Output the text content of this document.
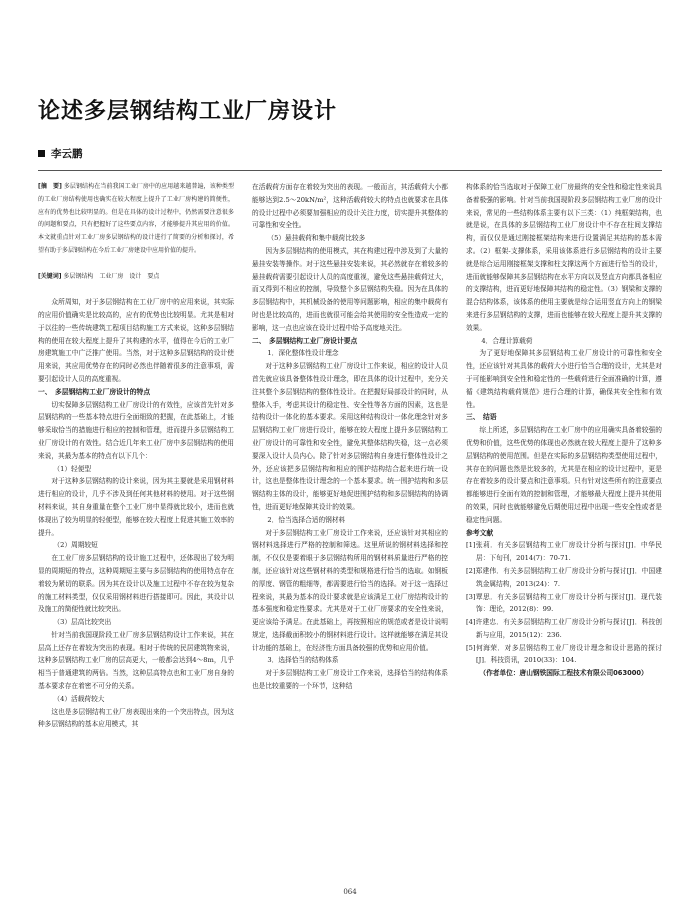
论述多层钢结构工业厂房设计
李云鹏

[摘　要] 多层钢结构在当前我国工业厂房中的应用越来越普遍，该种类型的工业厂房结构使用也确实在较大程度上提升了工业厂房构建的简便性，应有的优势也比较明显的。但是在具体的设计过程中，仍然需要注意很多的问题和要点，只有把握好了这些要点内容，才能够提升其应用的价值。本文就重点针对工业厂房多层钢结构的设计进行了简要的分析和探讨，希望有助于多层钢结构在今后工业厂房建设中应用价值的提升。

[关键词] 多层钢结构　工业厂房　设计　要点

众所周知，对于多层钢结构在工业厂房中的应用来说，其实际的应用价值确实是比较高的，应有的优势也比较明显。尤其是相对于以往的一些传统建筑工程项目结构施工方式来说，这种多层钢结构的使用在较大程度上提升了其构建的水平，值得在今后的工业厂房建筑施工中广泛推广使用。当然，对于这种多层钢结构的设计使用来说，其应用优势存在的同时必然也伴随着很多的注意事项，需要引起设计人员的高度重视。

一、　多层钢结构工业厂房设计的特点

切实保障多层钢结构工业厂房设计的有效性，应该首先针对多层钢结构的一些基本特点进行全面细致的把握，在此基础上，才能够采取恰当的措施进行相应的控制和管理，进而提升多层钢结构工业厂房设计的有效性。结合近几年来工业厂房中多层钢结构的使用来说，其最为基本的特点有以下几个：

（1）轻便型

对于这种多层钢结构的设计来说，因为其主要就是采用钢材料进行相应的设计，几乎不涉及到任何其他材料的使用。对于这些钢材料来说，其自身重量在整个工业厂房中显得就比较小，进而也就体现出了较为明显的轻便型，能够在较大程度上促进其施工效率的提升。

（2）周期较短

在工业厂房多层钢结构的设计施工过程中，还体现出了较为明显的周期短的特点，这种周期短主要与多层钢结构的使用特点存在着较为紧切的联系。因为其在设计以及施工过程中不存在较为复杂的施工材料类型，仅仅采用钢材料进行搭接即可。因此，其设计以及施工的简便性就比较突出。

（3）层高比较突出

针对当前我国现阶段工业厂房多层钢结构设计工作来说，其在层高上还存在着较为突出的表现。相对于传统的民居建筑物来说，这种多层钢结构工业厂房的层高更大，一般都会达到4～8m，几乎相当于普通建筑的两倍。当然，这种层高特点也和工业厂房自身的基本要求存在着密不可分的关系。

（4）活载荷较大

这也是多层钢结构工业厂房表现出来的一个突出特点，因为这种多层钢结构的基本应用模式，其

在活载荷方面存在着较为突出的表现。一般而言，其活载荷大小都能够达到2.5～20kN/m²，这种活载荷较大的特点也就要求在具体的设计过程中必须要加强相应的设计关注力度，切实提升其整体的可靠性和安全性。

（5）悬挂载荷和集中载荷比较多

因为多层钢结构的使用模式，其在构建过程中涉及到了大量的悬挂安装等操作。对于这些悬挂安装来说，其必然就存在着较多的悬挂载荷需要引起设计人员的高度重视，避免这些悬挂载荷过大，而又得到不相应的控制，导致整个多层钢结构失稳。因为在具体的多层钢结构中，其机械设备的使用等问题影响，相应的集中载荷有时也是比较高的，进而也就很可能会给其使用的安全性造成一定的影响，这一点也应该在设计过程中给予高度地关注。

二、　多层钢结构工业厂房设计要点
1．深化整体性设计理念

对于这种多层钢结构工业厂房设计工作来说，相应的设计人员首先就应该具备整体性设计理念，即在具体的设计过程中，充分关注其整个多层钢结构的整体性设计。在把握好局部设计的同时，从整体入手，考虑其设计的稳定性、安全性等各方面的因素，这也是结构设计一体化的基本要求。采用这种结构设计一体化理念针对多层钢结构工业厂房进行设计，能够在较大程度上提升多层钢结构工业厂房设计的可靠性和安全性，避免其整体结构失稳，这一点必须要深入设计人员内心。除了针对多层钢结构自身进行整体性设计之外，还应该把多层钢结构和相应的围护结构结合起来进行统一设计，这也是整体性设计理念的一个基本要求。统一围护结构和多层钢结构主体的设计，能够更好地促进围护结构和多层钢结构的协调性，进而更好地保障其设计的效果。

2．恰当选择合适的钢材料

对于多层钢结构工业厂房设计工作来说，还应该针对其相应的钢材料选择进行严格的控制和筛选。这里所说的钢材料选择和控制，不仅仅是要着眼于多层钢结构所用的钢材料质量进行严格的控制，还应该针对这些钢材料的类型和规格进行恰当的选取。如钢板的厚度、钢管的粗细等，都需要进行恰当的选择。对于这一选择过程来说，其最为基本的设计要求就是应该满足工业厂房结构设计的基本强度和稳定性要求。尤其是对于工业厂房要求的安全性来说，更应该给予满足。在此基础上，再按照相应的规范或者是设计说明规定，选择截面积较小的钢材料进行设计。这样就能够在满足其设计功能的基础上，在经济性方面具备较强的优势和应用价值。

3．选择恰当的结构体系

对于多层钢结构工业厂房设计工作来说，选择恰当的结构体系也是比较重要的一个环节，这种结

构体系的恰当选取对于保障工业厂房最终的安全性和稳定性来说具备着极强的影响。针对当前我国现阶段多层钢结构工业厂房的设计来说，常见的一些结构体系主要有以下三类：（1）纯框架结构，也就是说，在具体的多层钢结构工业厂房设计中不存在柱间支撑结构，而仅仅是通过刚接框架结构来进行设置满足其结构的基本需求。（2）框架-支撑体系，采用该体系进行多层钢结构的设计主要就是综合运用刚接框架支撑和柱支撑这两个方面进行恰当的设计，进而就能够保障其多层钢结构在水平方向以及竖直方向都具备相应的支撑结构，进而更好地保障其结构的稳定性。（3）钢梁和支撑的混合结构体系，该体系的使用主要就是综合运用竖直方向上的钢梁来进行多层钢结构的支撑，进而也能够在较大程度上提升其支撑的效果。

4．合理计算载荷

为了更好地保障其多层钢结构工业厂房设计的可靠性和安全性，还应该针对其具体的载荷大小进行恰当合理的设计，尤其是对于可能影响到安全性和稳定性的一些载荷进行全面准确的计算，遵循《建筑结构载荷规范》进行合理的计算，确保其安全性和有效性。

三、　结语

综上所述，多层钢结构在工业厂房中的应用确实具备着较强的优势和价值，这些优势的体现也必然就在较大程度上提升了这种多层钢结构的使用范围。但是在实际的多层钢结构类型使用过程中，其存在的问题也然是比较多的，尤其是在相应的设计过程中，更是存在着较多的设计要点和注意事项。只有针对这些所有的注意要点都能够进行全面有效的控制和管理，才能够最大程度上提升其使用的效果，同时也就能够避免后期使用过程中出现一些安全性或者是稳定性问题。

参考文献

[1]张莉．有关多层钢结构工业厂房设计分析与探讨[J]．中华民居：下旬刊，2014(7)：70-71.

[2]郑建伟．有关多层钢结构工业厂房设计分析与探讨[J]．中国建筑金属结构，2013(24)：7.

[3]覃思．有关多层钢结构工业厂房设计分析与探讨[J]．现代装饰：理论，2012(8)：99.

[4]许建忠．有关多层钢结构工业厂房设计分析与探讨[J]．科技创新与应用，2015(12)：236.

[5]何海荣．对多层钢结构工业厂房设计理念和设计思路的探讨[J]．科技资讯，2010(33)：104.

（作者单位：唐山钢铁国际工程技术有限公司063000）

064
